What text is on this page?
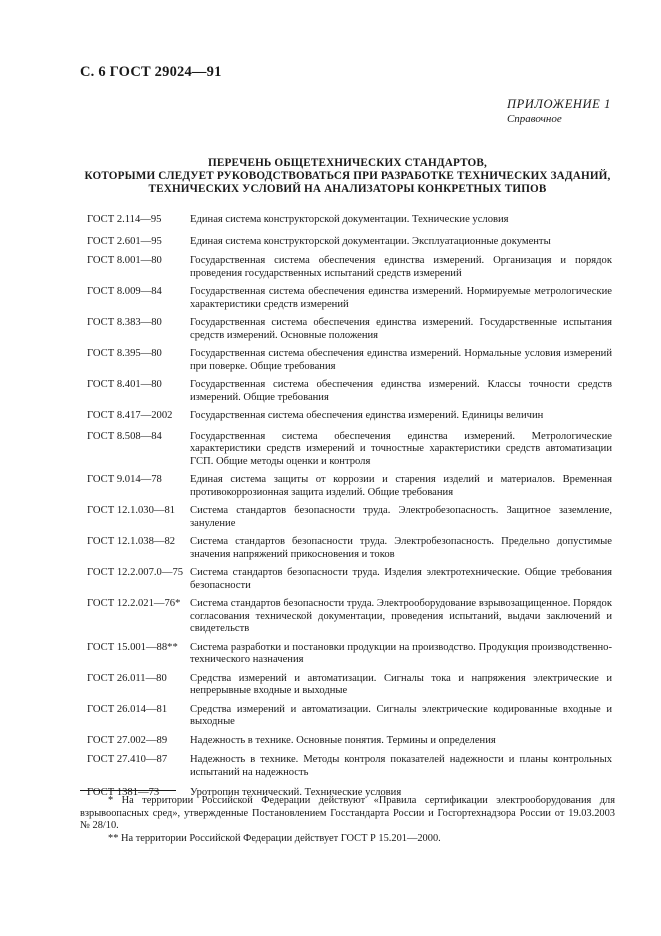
С. 6 ГОСТ 29024—91
ПРИЛОЖЕНИЕ 1
Справочное
ПЕРЕЧЕНЬ ОБЩЕТЕХНИЧЕСКИХ СТАНДАРТОВ,
КОТОРЫМИ СЛЕДУЕТ РУКОВОДСТВОВАТЬСЯ ПРИ РАЗРАБОТКЕ ТЕХНИЧЕСКИХ ЗАДАНИЙ,
ТЕХНИЧЕСКИХ УСЛОВИЙ НА АНАЛИЗАТОРЫ КОНКРЕТНЫХ ТИПОВ
ГОСТ 2.114—95	Единая система конструкторской документации. Технические условия
ГОСТ 2.601—95	Единая система конструкторской документации. Эксплуатационные документы
ГОСТ 8.001—80	Государственная система обеспечения единства измерений. Организация и порядок проведения государственных испытаний средств измерений
ГОСТ 8.009—84	Государственная система обеспечения единства измерений. Нормируемые метрологические характеристики средств измерений
ГОСТ 8.383—80	Государственная система обеспечения единства измерений. Государственные испытания средств измерений. Основные положения
ГОСТ 8.395—80	Государственная система обеспечения единства измерений. Нормальные условия измерений при поверке. Общие требования
ГОСТ 8.401—80	Государственная система обеспечения единства измерений. Классы точности средств измерений. Общие требования
ГОСТ 8.417—2002	Государственная система обеспечения единства измерений. Единицы величин
ГОСТ 8.508—84	Государственная система обеспечения единства измерений. Метрологические характеристики средств измерений и точностные характеристики средств автоматизации ГСП. Общие методы оценки и контроля
ГОСТ 9.014—78	Единая система защиты от коррозии и старения изделий и материалов. Временная противокоррозионная защита изделий. Общие требования
ГОСТ 12.1.030—81	Система стандартов безопасности труда. Электробезопасность. Защитное заземление, зануление
ГОСТ 12.1.038—82	Система стандартов безопасности труда. Электробезопасность. Предельно допустимые значения напряжений прикосновения и токов
ГОСТ 12.2.007.0—75 Система стандартов безопасности труда. Изделия электротехнические. Общие требования безопасности
ГОСТ 12.2.021—76* Система стандартов безопасности труда. Электрооборудование взрывозащищенное. Порядок согласования технической документации, проведения испытаний, выдачи заключений и свидетельств
ГОСТ 15.001—88**	Система разработки и постановки продукции на производство. Продукция производственно-технического назначения
ГОСТ 26.011—80	Средства измерений и автоматизации. Сигналы тока и напряжения электрические и непрерывные входные и выходные
ГОСТ 26.014—81	Средства измерений и автоматизации. Сигналы электрические кодированные входные и выходные
ГОСТ 27.002—89	Надежность в технике. Основные понятия. Термины и определения
ГОСТ 27.410—87	Надежность в технике. Методы контроля показателей надежности и планы контрольных испытаний на надежность
ГОСТ 1381—73	Уротропин технический. Технические условия

* На территории Российской Федерации действуют «Правила сертификации электрооборудования для взрывоопасных сред», утвержденные Постановлением Госстандарта России и Госгортехнадзора России от 19.03.2003 № 28/10.

** На территории Российской Федерации действует ГОСТ Р 15.201—2000.
